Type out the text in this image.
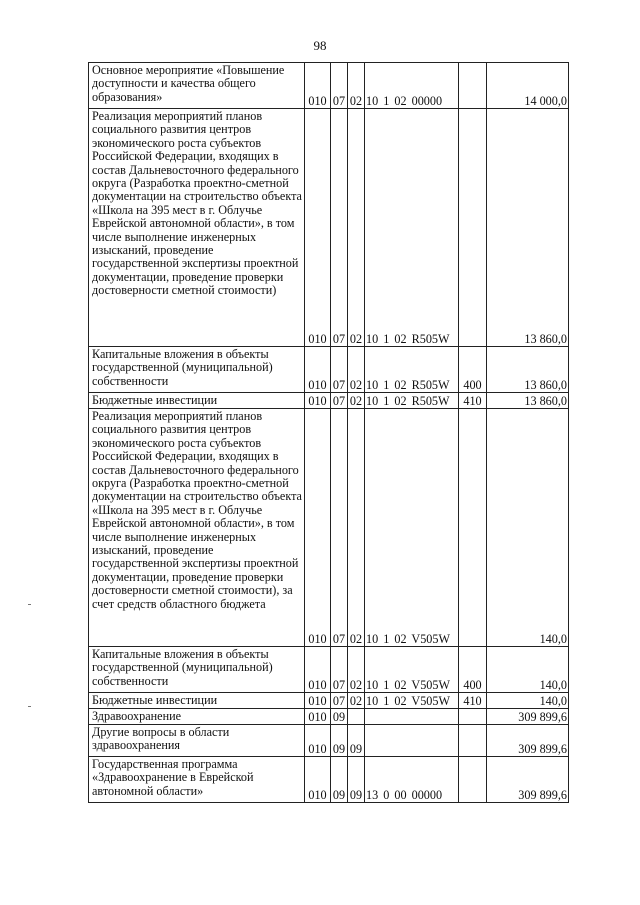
98
Основное мероприятие «Повышение доступности и качества общего образования»	010	07	02	10 1 02 00000		14 000,0
Реализация мероприятий планов социального развития центров экономического роста субъектов Российской Федерации, входящих в состав Дальневосточного федерального округа (Разработка проектно-сметной документации на строительство объекта «Школа на 395 мест в г. Облучье Еврейской автономной области», в том числе выполнение инженерных изысканий, проведение государственной экспертизы проектной документации, проведение проверки достоверности сметной стоимости)	010	07	02	10 1 02 R505W		13 860,0
Капитальные вложения в объекты государственной (муниципальной) собственности	010	07	02	10 1 02 R505W	400	13 860,0
Бюджетные инвестиции	010	07	02	10 1 02 R505W	410	13 860,0
Реализация мероприятий планов социального развития центров экономического роста субъектов Российской Федерации, входящих в состав Дальневосточного федерального округа (Разработка проектно-сметной документации на строительство объекта «Школа на 395 мест в г. Облучье Еврейской автономной области», в том числе выполнение инженерных изысканий, проведение государственной экспертизы проектной документации, проведение проверки достоверности сметной стоимости), за счет средств областного бюджета	010	07	02	10 1 02 V505W		140,0
Капитальные вложения в объекты государственной (муниципальной) собственности	010	07	02	10 1 02 V505W	400	140,0
Бюджетные инвестиции	010	07	02	10 1 02 V505W	410	140,0
Здравоохранение	010	09				309 899,6
Другие вопросы в области здравоохранения	010	09	09			309 899,6
Государственная программа «Здравоохранение в Еврейской автономной области»	010	09	09	13 0 00 00000		309 899,6
